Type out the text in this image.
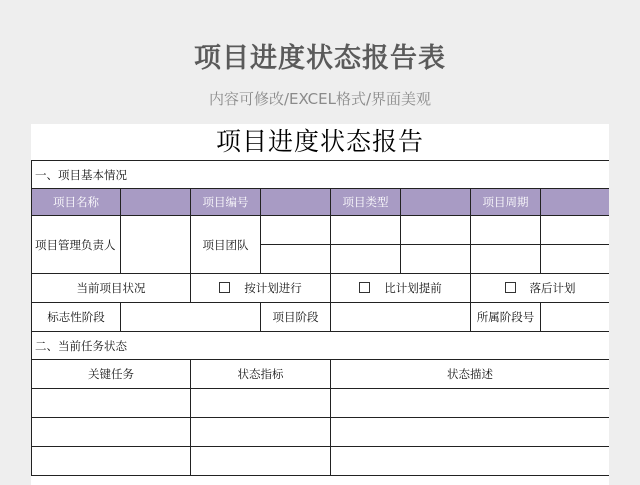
项目进度状态报告表
内容可修改/EXCEL格式/界面美观
项目进度状态报告
一、项目基本情况							
项目名称		项目编号		项目类型		项目周期	
项目管理负责人		项目团队					

当前项目状况		按计划进行		比计划提前		落后计划	
标志性阶段			项目阶段			所属阶段号	
二、当前任务状态							
关键任务		状态指标		状态描述			
